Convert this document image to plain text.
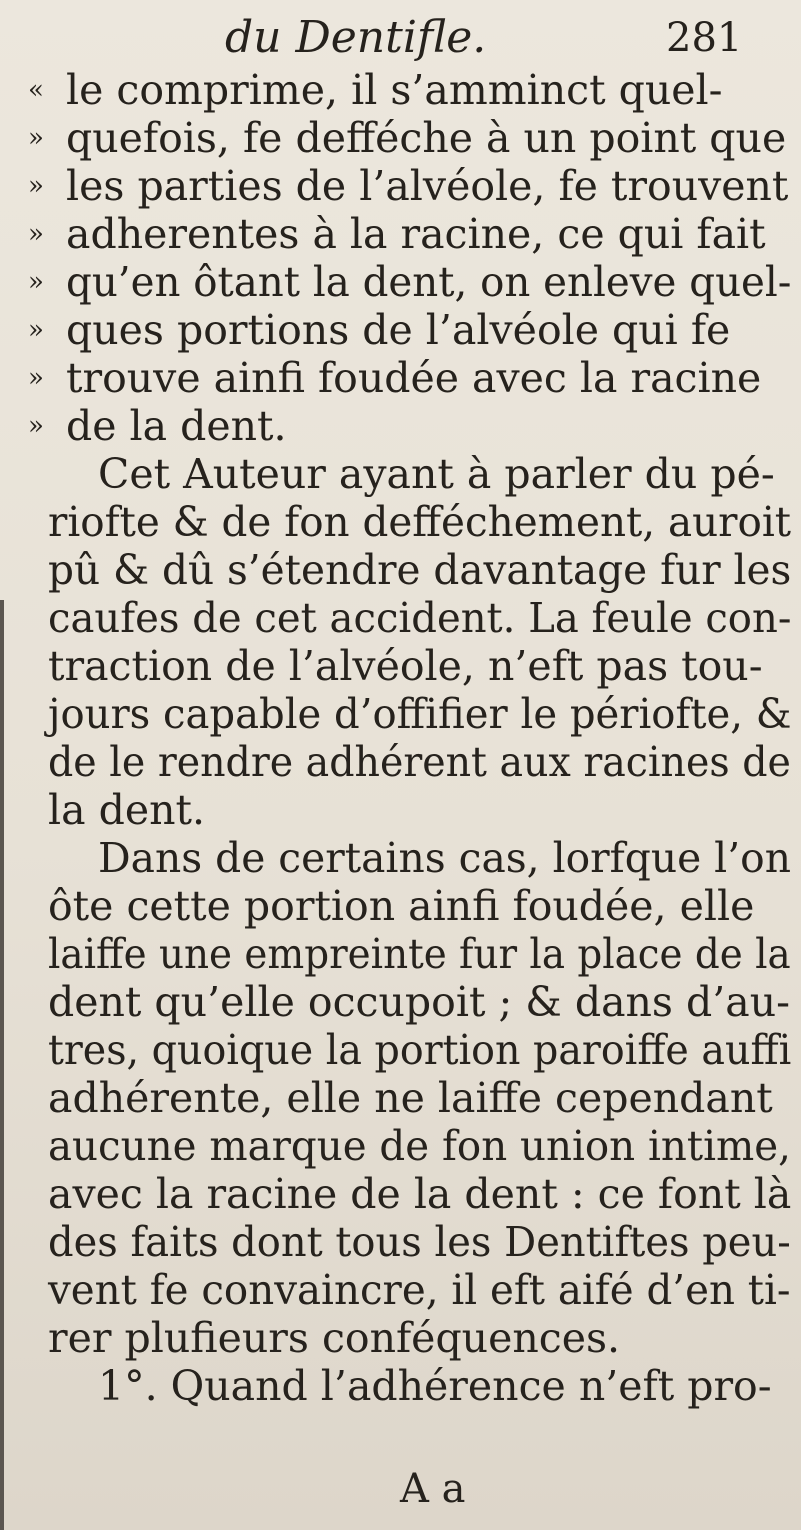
du Dentifle.	281
«
»
»
»
»
»
»
»
le comprime, il s’amminct quel-
quefois, fe defféche à un point que
les parties de l’alvéole, fe trouvent
adherentes à la racine, ce qui fait
qu’en ôtant la dent, on enleve quel-
ques portions de l’alvéole qui fe
trouve ainfi foudée avec la racine
de la dent.
Cet Auteur ayant à parler du pé-
riofte & de fon defféchement, auroit
pû & dû s’étendre davantage fur les
caufes de cet accident. La feule con-
traction de l’alvéole, n’eft pas tou-
jours capable d’offifier le périofte, &
de le rendre adhérent aux racines de
la dent.
Dans de certains cas, lorfque l’on
ôte cette portion ainfi foudée, elle
laiffe une empreinte fur la place de la
dent qu’elle occupoit ; & dans d’au-
tres, quoique la portion paroiffe auffi
adhérente, elle ne laiffe cependant
aucune marque de fon union intime,
avec la racine de la dent : ce font là
des faits dont tous les Dentiftes peu-
vent fe convaincre, il eft aifé d’en ti-
rer plufieurs conféquences.
1°. Quand l’adhérence n’eft pro-
A a
